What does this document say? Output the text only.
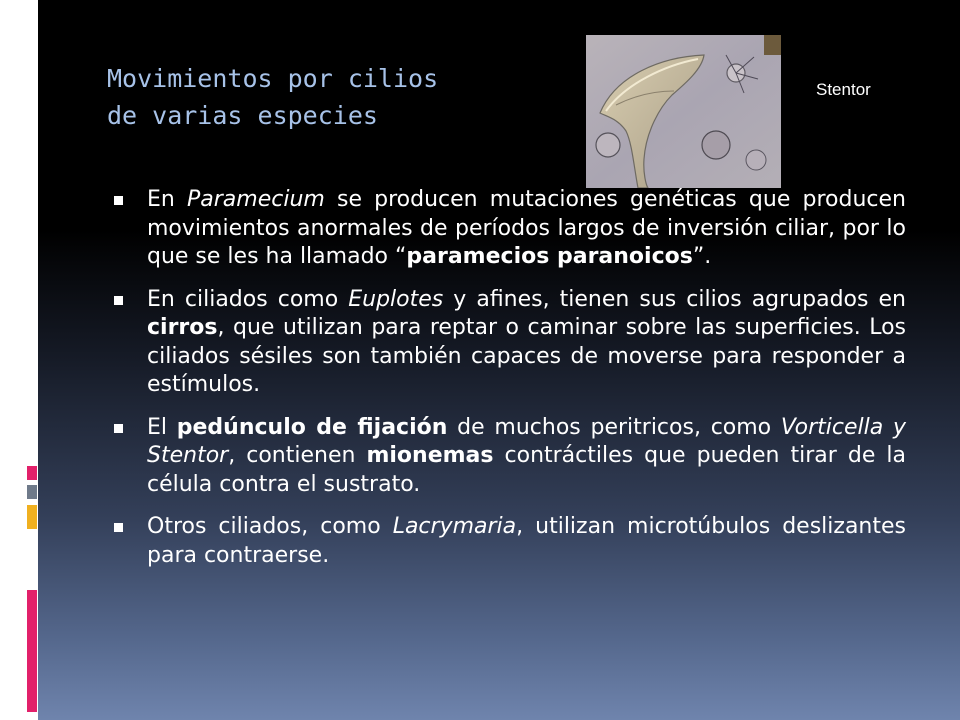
Movimientos por cilios
de varias especies
Stentor
En Paramecium se producen mutaciones genéticas que producen movimientos anormales de períodos largos de inversión ciliar, por lo que se les ha llamado “paramecios paranoicos”.
En ciliados como Euplotes y afines, tienen sus cilios agrupados en cirros, que utilizan para reptar o caminar sobre las superficies. Los ciliados sésiles son también capaces de moverse para responder a estímulos.
El pedúnculo de fijación de muchos peritricos, como Vorticella y Stentor, contienen mionemas contráctiles que pueden tirar de la célula contra el sustrato.
Otros ciliados, como Lacrymaria, utilizan microtúbulos deslizantes para contraerse.
